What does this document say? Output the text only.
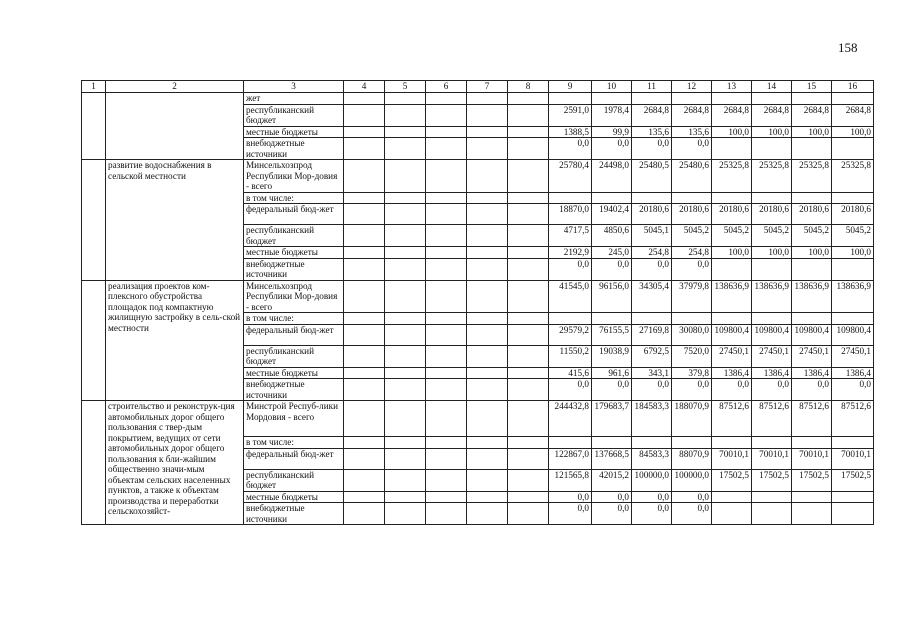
158
1	2	3	4	5	6	7	8	9	10	11	12	13	14	15	16
		жет													
		республиканский бюджет						2591,0	1978,4	2684,8	2684,8	2684,8	2684,8	2684,8	2684,8
		местные бюджеты						1388,5	99,9	135,6	135,6	100,0	100,0	100,0	100,0
		внебюджетные источники						0,0	0,0	0,0	0,0				
	развитие водоснабжения в сельской местности	Минсельхозпрод Республики Мор-довия - всего						25780,4	24498,0	25480,5	25480,6	25325,8	25325,8	25325,8	25325,8
		в том числе:													
		федеральный бюд-жет						18870,0	19402,4	20180,6	20180,6	20180,6	20180,6	20180,6	20180,6
		республиканский бюджет						4717,5	4850,6	5045,1	5045,2	5045,2	5045,2	5045,2	5045,2
		местные бюджеты						2192,9	245,0	254,8	254,8	100,0	100,0	100,0	100,0
		внебюджетные источники						0,0	0,0	0,0	0,0				
	реализация проектов ком-плексного обустройства площадок под компактную жилищную застройку в сель-ской местности	Минсельхозпрод Республики Мор-довия - всего						41545,0	96156,0	34305,4	37979,8	138636,9	138636,9	138636,9	138636,9
		в том числе:													
		федеральный бюд-жет						29579,2	76155,5	27169,8	30080,0	109800,4	109800,4	109800,4	109800,4
		республиканский бюджет						11550,2	19038,9	6792,5	7520,0	27450,1	27450,1	27450,1	27450,1
		местные бюджеты						415,6	961,6	343,1	379,8	1386,4	1386,4	1386,4	1386,4
		внебюджетные источники						0,0	0,0	0,0	0,0	0,0	0,0	0,0	0,0
	строительство и реконструк-ция автомобильных дорог общего пользования с твер-дым покрытием, ведущих от сети автомобильных дорог общего пользования к бли-жайшим общественно значи-мым объектам сельских населенных пунктов, а также к объектам производства и переработки сельскохозяйст-	Минстрой Респуб-лики Мордовия - всего						244432,8	179683,7	184583,3	188070,9	87512,6	87512,6	87512,6	87512,6
		в том числе:													
		федеральный бюд-жет						122867,0	137668,5	84583,3	88070,9	70010,1	70010,1	70010,1	70010,1
		республиканский бюджет						121565,8	42015,2	100000,0	100000,0	17502,5	17502,5	17502,5	17502,5
		местные бюджеты						0,0	0,0	0,0	0,0				
		внебюджетные источники						0,0	0,0	0,0	0,0				
